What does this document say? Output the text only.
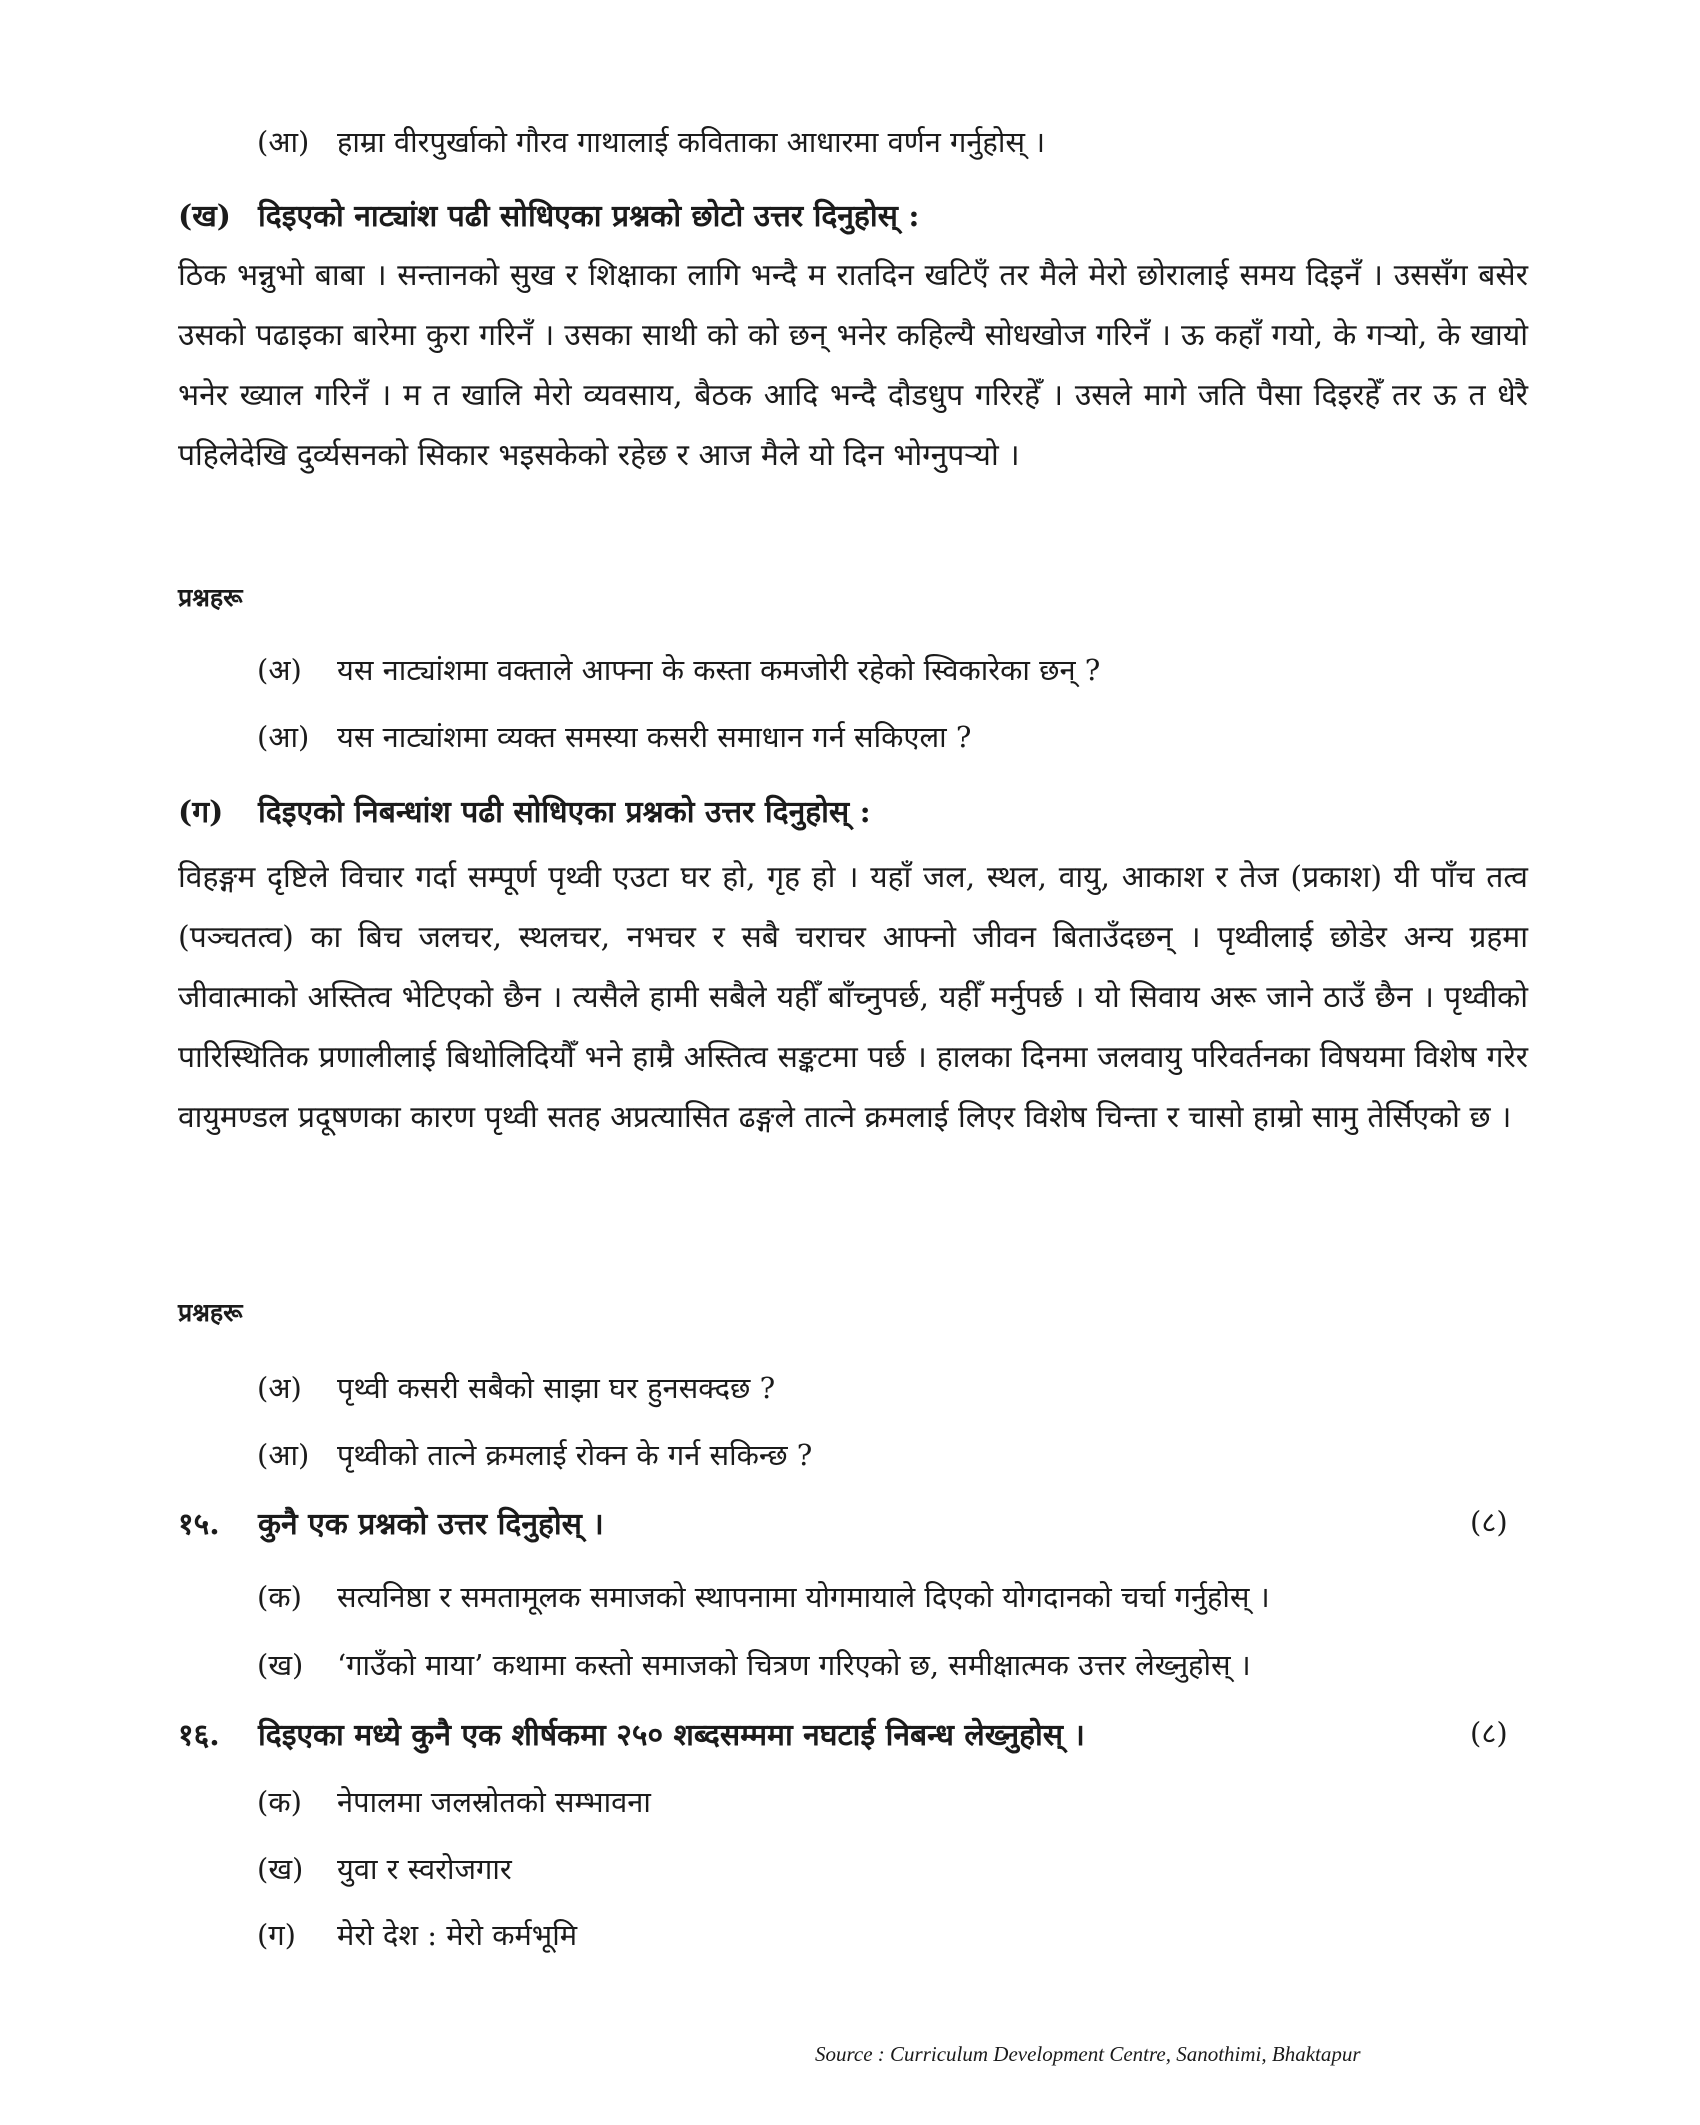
(आ) हाम्रा वीरपुर्खाको गौरव गाथालाई कविताका आधारमा वर्णन गर्नुहोस् ।
(ख) दिइएको नाट्यांश पढी सोधिएका प्रश्नको छोटो उत्तर दिनुहोस् :
ठिक भन्नुभो बाबा । सन्तानको सुख र शिक्षाका लागि भन्दै म रातदिन खटिएँ तर मैले मेरो छोरालाई समय दिइनँ । उससँग बसेर उसको पढाइका बारेमा कुरा गरिनँ । उसका साथी को को छन् भनेर कहिल्यै सोधखोज गरिनँ । ऊ कहाँ गयो, के गऱ्यो, के खायो भनेर ख्याल गरिनँ । म त खालि मेरो व्यवसाय, बैठक आदि भन्दै दौडधुप गरिरहेँ । उसले मागे जति पैसा दिइरहेँ तर ऊ त धेरै पहिलेदेखि दुर्व्यसनको सिकार भइसकेको रहेछ र आज मैले यो दिन भोग्नुपऱ्यो ।
प्रश्नहरू
(अ) यस नाट्यांशमा वक्ताले आफ्ना के कस्ता कमजोरी रहेको स्विकारेका छन् ?
(आ) यस नाट्यांशमा व्यक्त समस्या कसरी समाधान गर्न सकिएला ?
(ग) दिइएको निबन्धांश पढी सोधिएका प्रश्नको उत्तर दिनुहोस् :
विहङ्गम दृष्टिले विचार गर्दा सम्पूर्ण पृथ्वी एउटा घर हो, गृह हो । यहाँ जल, स्थल, वायु, आकाश र तेज (प्रकाश) यी पाँच तत्व (पञ्चतत्व) का बिच जलचर, स्थलचर, नभचर र सबै चराचर आफ्नो जीवन बिताउँदछन् । पृथ्वीलाई छोडेर अन्य ग्रहमा जीवात्माको अस्तित्व भेटिएको छैन । त्यसैले हामी सबैले यहीँ बाँच्नुपर्छ, यहीँ मर्नुपर्छ । यो सिवाय अरू जाने ठाउँ छैन । पृथ्वीको पारिस्थितिक प्रणालीलाई बिथोलिदियौँ भने हाम्रै अस्तित्व सङ्कटमा पर्छ । हालका दिनमा जलवायु परिवर्तनका विषयमा विशेष गरेर वायुमण्डल प्रदूषणका कारण पृथ्वी सतह अप्रत्यासित ढङ्गले तात्ने क्रमलाई लिएर विशेष चिन्ता र चासो हाम्रो सामु तेर्सिएको छ ।
प्रश्नहरू
(अ) पृथ्वी कसरी सबैको साझा घर हुनसक्दछ ?
(आ) पृथ्वीको तात्ने क्रमलाई रोक्न के गर्न सकिन्छ ?
१५. कुनै एक प्रश्नको उत्तर दिनुहोस् ।	(८)
(क) सत्यनिष्ठा र समतामूलक समाजको स्थापनामा योगमायाले दिएको योगदानको चर्चा गर्नुहोस् ।
(ख) ‘गाउँको माया’ कथामा कस्तो समाजको चित्रण गरिएको छ, समीक्षात्मक उत्तर लेख्नुहोस् ।
१६. दिइएका मध्ये कुनै एक शीर्षकमा २५० शब्दसम्ममा नघटाई निबन्ध लेख्नुहोस् ।	(८)
(क) नेपालमा जलस्रोतको सम्भावना
(ख) युवा र स्वरोजगार
(ग) मेरो देश : मेरो कर्मभूमि
Source : Curriculum Development Centre, Sanothimi, Bhaktapur
